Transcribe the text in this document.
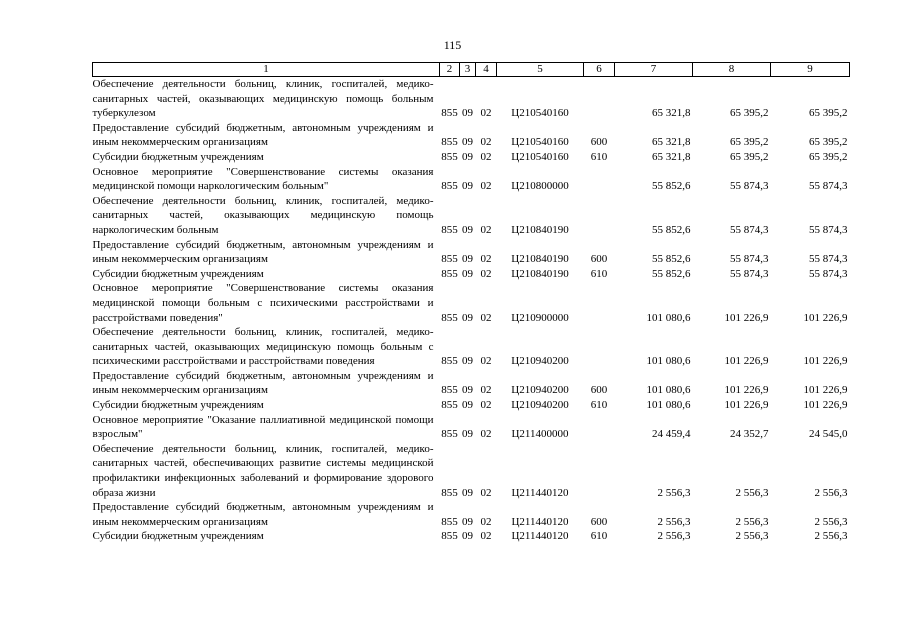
115
1	2	3	4	5	6	7	8	9
Обеспечение деятельности больниц, клиник, госпиталей, медико-санитарных частей, оказывающих медицинскую помощь больным туберкулезом	855	09	02	Ц210540160		65 321,8	65 395,2	65 395,2
Предоставление субсидий бюджетным, автономным учреждениям и иным некоммерческим организациям	855	09	02	Ц210540160	600	65 321,8	65 395,2	65 395,2
Субсидии бюджетным учреждениям	855	09	02	Ц210540160	610	65 321,8	65 395,2	65 395,2
Основное мероприятие "Совершенствование системы оказания медицинской помощи наркологическим больным"	855	09	02	Ц210800000		55 852,6	55 874,3	55 874,3
Обеспечение деятельности больниц, клиник, госпиталей, медико-санитарных частей, оказывающих медицинскую помощь наркологическим больным	855	09	02	Ц210840190		55 852,6	55 874,3	55 874,3
Предоставление субсидий бюджетным, автономным учреждениям и иным некоммерческим организациям	855	09	02	Ц210840190	600	55 852,6	55 874,3	55 874,3
Субсидии бюджетным учреждениям	855	09	02	Ц210840190	610	55 852,6	55 874,3	55 874,3
Основное мероприятие "Совершенствование системы оказания медицинской помощи больным с психическими расстройствами и расстройствами поведения"	855	09	02	Ц210900000		101 080,6	101 226,9	101 226,9
Обеспечение деятельности больниц, клиник, госпиталей, медико-санитарных частей, оказывающих медицинскую помощь больным с психическими расстройствами и расстройствами поведения	855	09	02	Ц210940200		101 080,6	101 226,9	101 226,9
Предоставление субсидий бюджетным, автономным учреждениям и иным некоммерческим организациям	855	09	02	Ц210940200	600	101 080,6	101 226,9	101 226,9
Субсидии бюджетным учреждениям	855	09	02	Ц210940200	610	101 080,6	101 226,9	101 226,9
Основное мероприятие "Оказание паллиативной медицинской помощи взрослым"	855	09	02	Ц211400000		24 459,4	24 352,7	24 545,0
Обеспечение деятельности больниц, клиник, госпиталей, медико-санитарных частей, обеспечивающих развитие системы медицинской профилактики инфекционных заболеваний и формирование здорового образа жизни	855	09	02	Ц211440120		2 556,3	2 556,3	2 556,3
Предоставление субсидий бюджетным, автономным учреждениям и иным некоммерческим организациям	855	09	02	Ц211440120	600	2 556,3	2 556,3	2 556,3
Субсидии бюджетным учреждениям	855	09	02	Ц211440120	610	2 556,3	2 556,3	2 556,3
